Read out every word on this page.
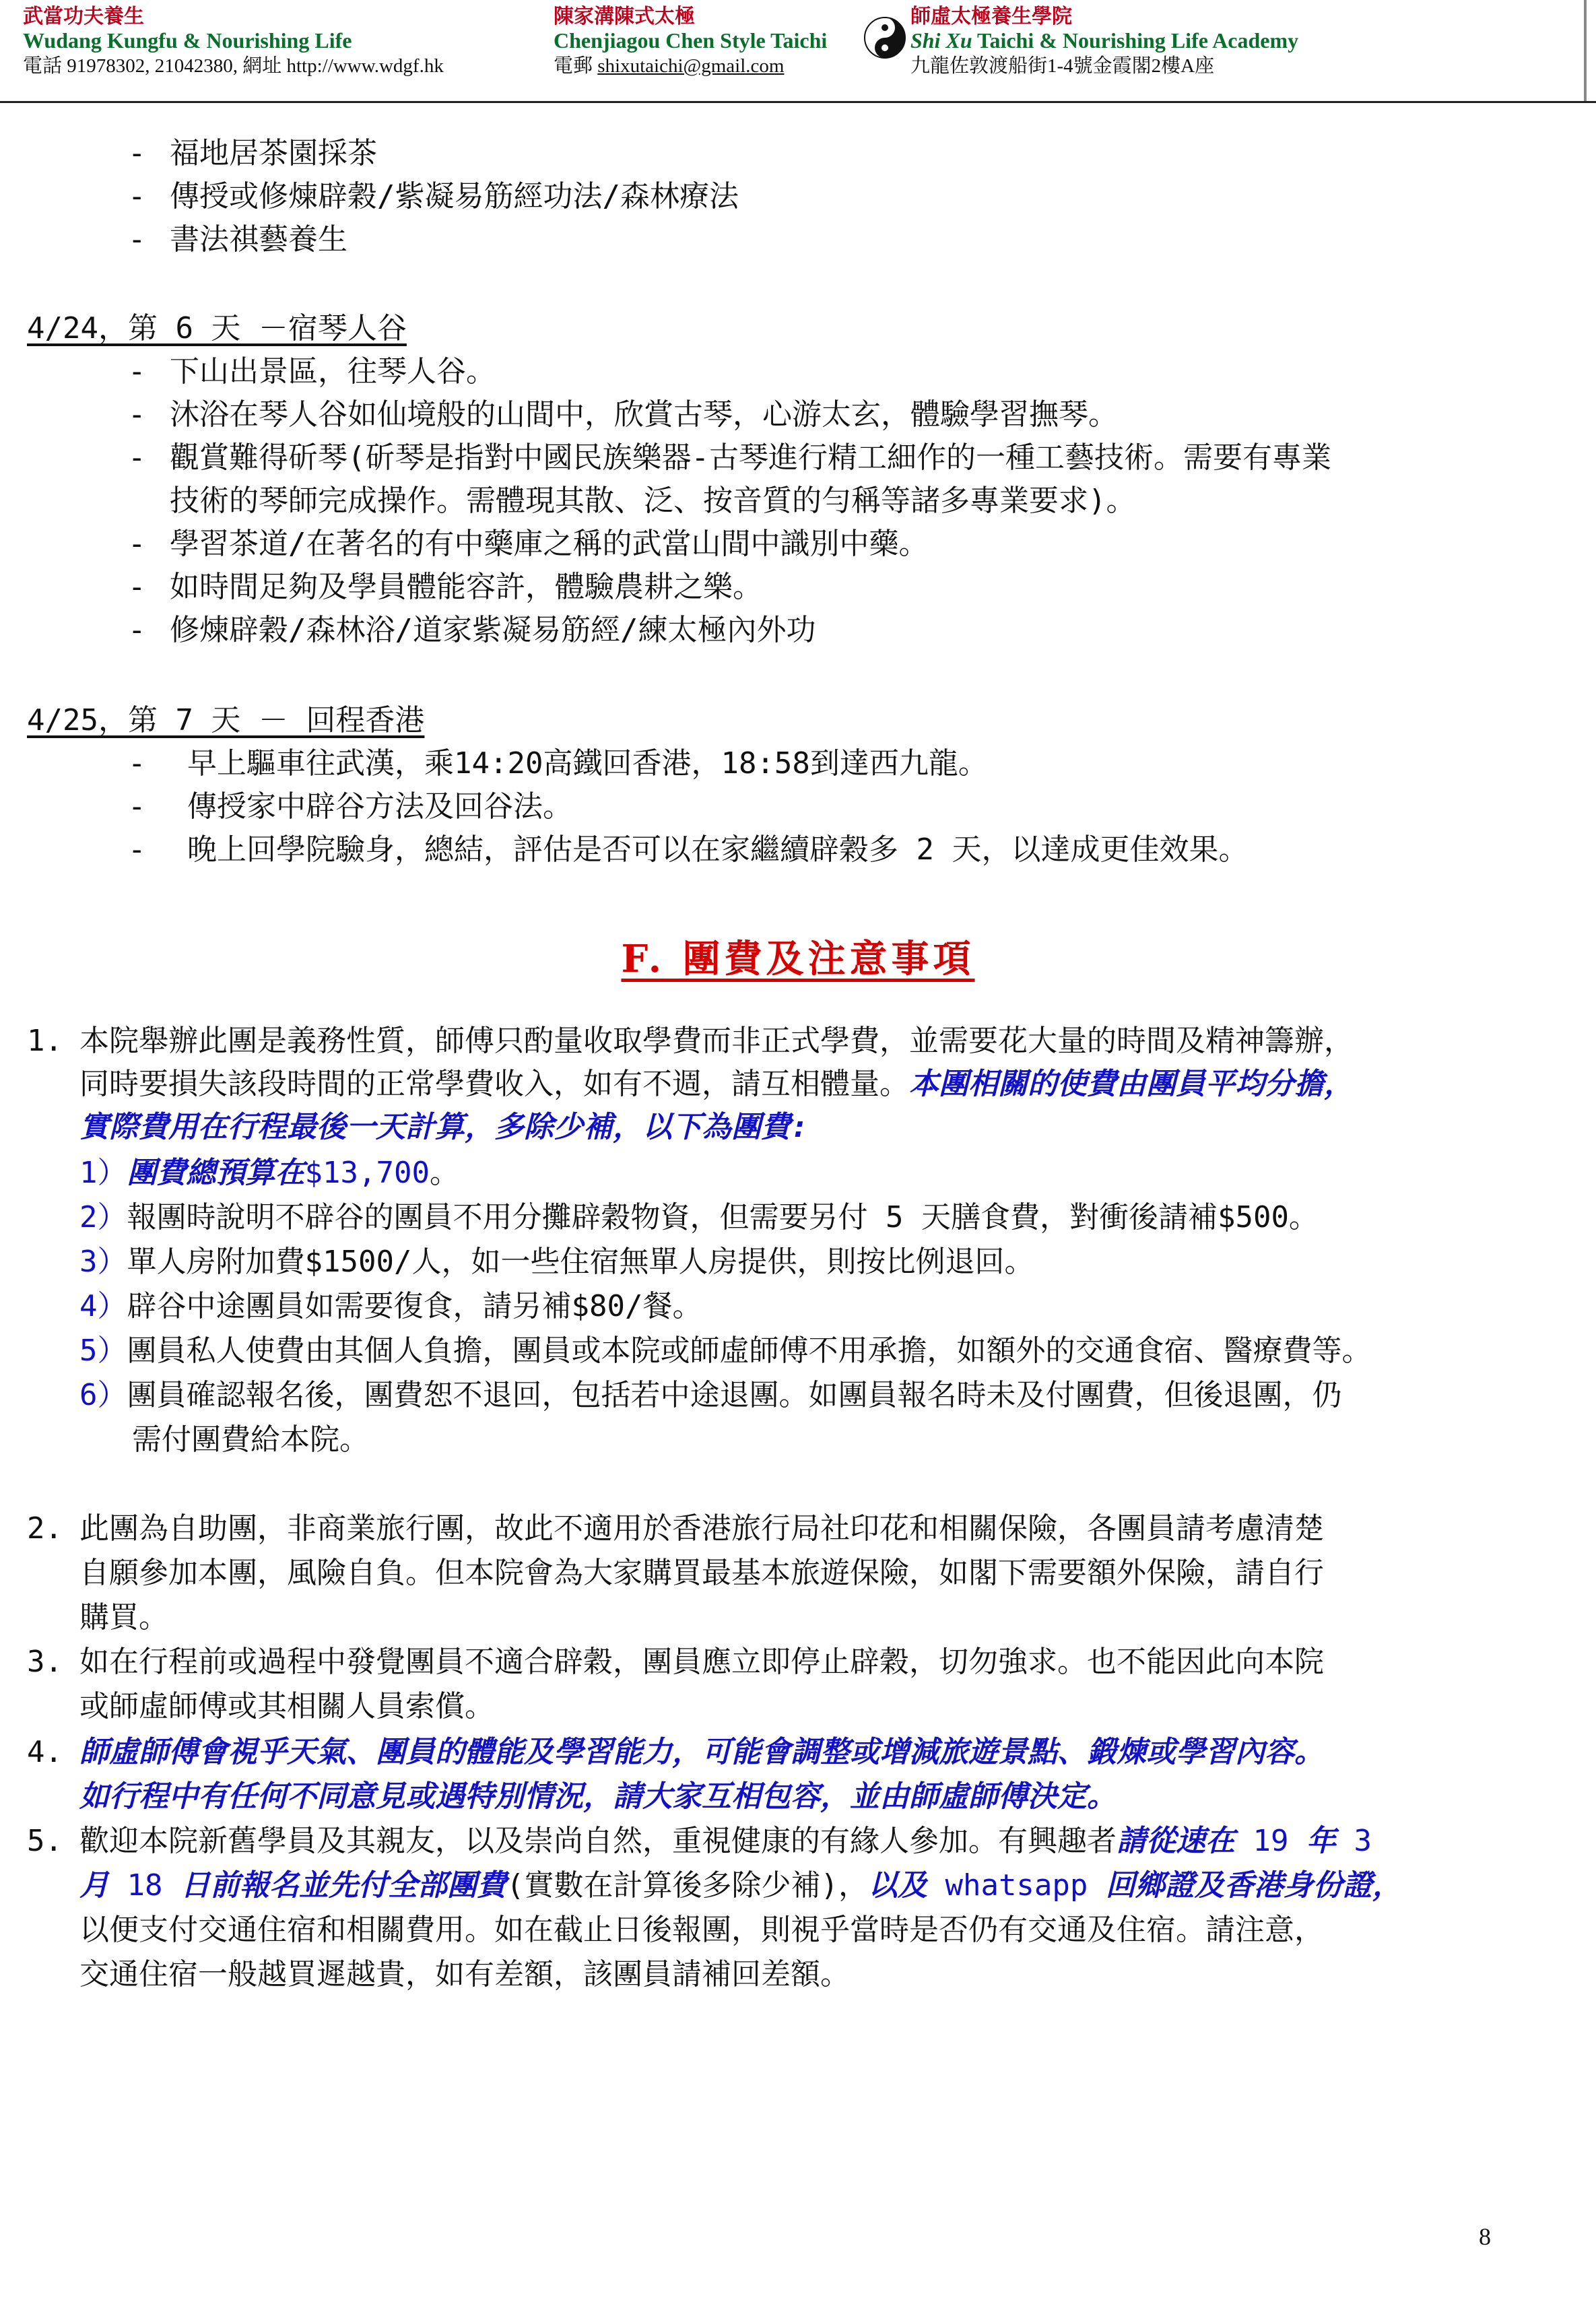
武當功夫養生
Wudang Kungfu & Nourishing Life
電話 91978302, 21042380, 網址 http://www.wdgf.hk
陳家溝陳式太極
Chenjiagou Chen Style Taichi
電郵 shixutaichi@gmail.com
師虛太極養生學院
Shi Xu Taichi & Nourishing Life Academy
九龍佐敦渡船街1-4號金霞閣2樓A座
- 福地居茶園採茶
- 傳授或修煉辟穀/紫凝易筋經功法/森林療法
- 書法祺藝養生
4/24，第 6 天 －宿琴人谷
- 下山出景區，往琴人谷。
- 沐浴在琴人谷如仙境般的山間中，欣賞古琴，心游太玄，體驗學習撫琴。
- 觀賞難得斫琴(斫琴是指對中國民族樂器-古琴進行精工細作的一種工藝技術。需要有專業
技術的琴師完成操作。需體現其散、泛、按音質的勻稱等諸多專業要求)。
- 學習茶道/在著名的有中藥庫之稱的武當山間中識別中藥。
- 如時間足夠及學員體能容許，體驗農耕之樂。
- 修煉辟穀/森林浴/道家紫凝易筋經/練太極內外功
4/25，第 7 天 － 回程香港
- 早上驅車往武漢，乘14:20高鐵回香港，18:58到達西九龍。
- 傳授家中辟谷方法及回谷法。
- 晚上回學院驗身，總結，評估是否可以在家繼續辟穀多 2 天，以達成更佳效果。
F. 團費及注意事項
1. 本院舉辦此團是義務性質，師傅只酌量收取學費而非正式學費，並需要花大量的時間及精神籌辦，
同時要損失該段時間的正常學費收入，如有不週，請互相體量。本團相關的使費由團員平均分擔，
實際費用在行程最後一天計算，多除少補，以下為團費:
1）團費總預算在$13,700。
2）報團時說明不辟谷的團員不用分攤辟穀物資，但需要另付 5 天膳食費，對衝後請補$500。
3）單人房附加費$1500/人，如一些住宿無單人房提供，則按比例退回。
4）辟谷中途團員如需要復食，請另補$80/餐。
5）團員私人使費由其個人負擔，團員或本院或師虛師傅不用承擔，如額外的交通食宿、醫療費等。
6）團員確認報名後，團費恕不退回，包括若中途退團。如團員報名時未及付團費，但後退團，仍
需付團費給本院。
2. 此團為自助團，非商業旅行團，故此不適用於香港旅行局社印花和相關保險，各團員請考慮清楚
自願參加本團，風險自負。但本院會為大家購買最基本旅遊保險，如閣下需要額外保險，請自行
購買。
3. 如在行程前或過程中發覺團員不適合辟穀，團員應立即停止辟穀，切勿強求。也不能因此向本院
或師虛師傅或其相關人員索償。
4. 師虛師傅會視乎天氣、團員的體能及學習能力，可能會調整或增減旅遊景點、鍛煉或學習內容。
如行程中有任何不同意見或遇特別情況，請大家互相包容，並由師虛師傅決定。
5. 歡迎本院新舊學員及其親友，以及崇尚自然，重視健康的有緣人參加。有興趣者請從速在 19 年 3
月 18 日前報名並先付全部團費(實數在計算後多除少補)，以及 whatsapp 回鄉證及香港身份證，
以便支付交通住宿和相關費用。如在截止日後報團，則視乎當時是否仍有交通及住宿。請注意，
交通住宿一般越買遲越貴，如有差額，該團員請補回差額。
8
